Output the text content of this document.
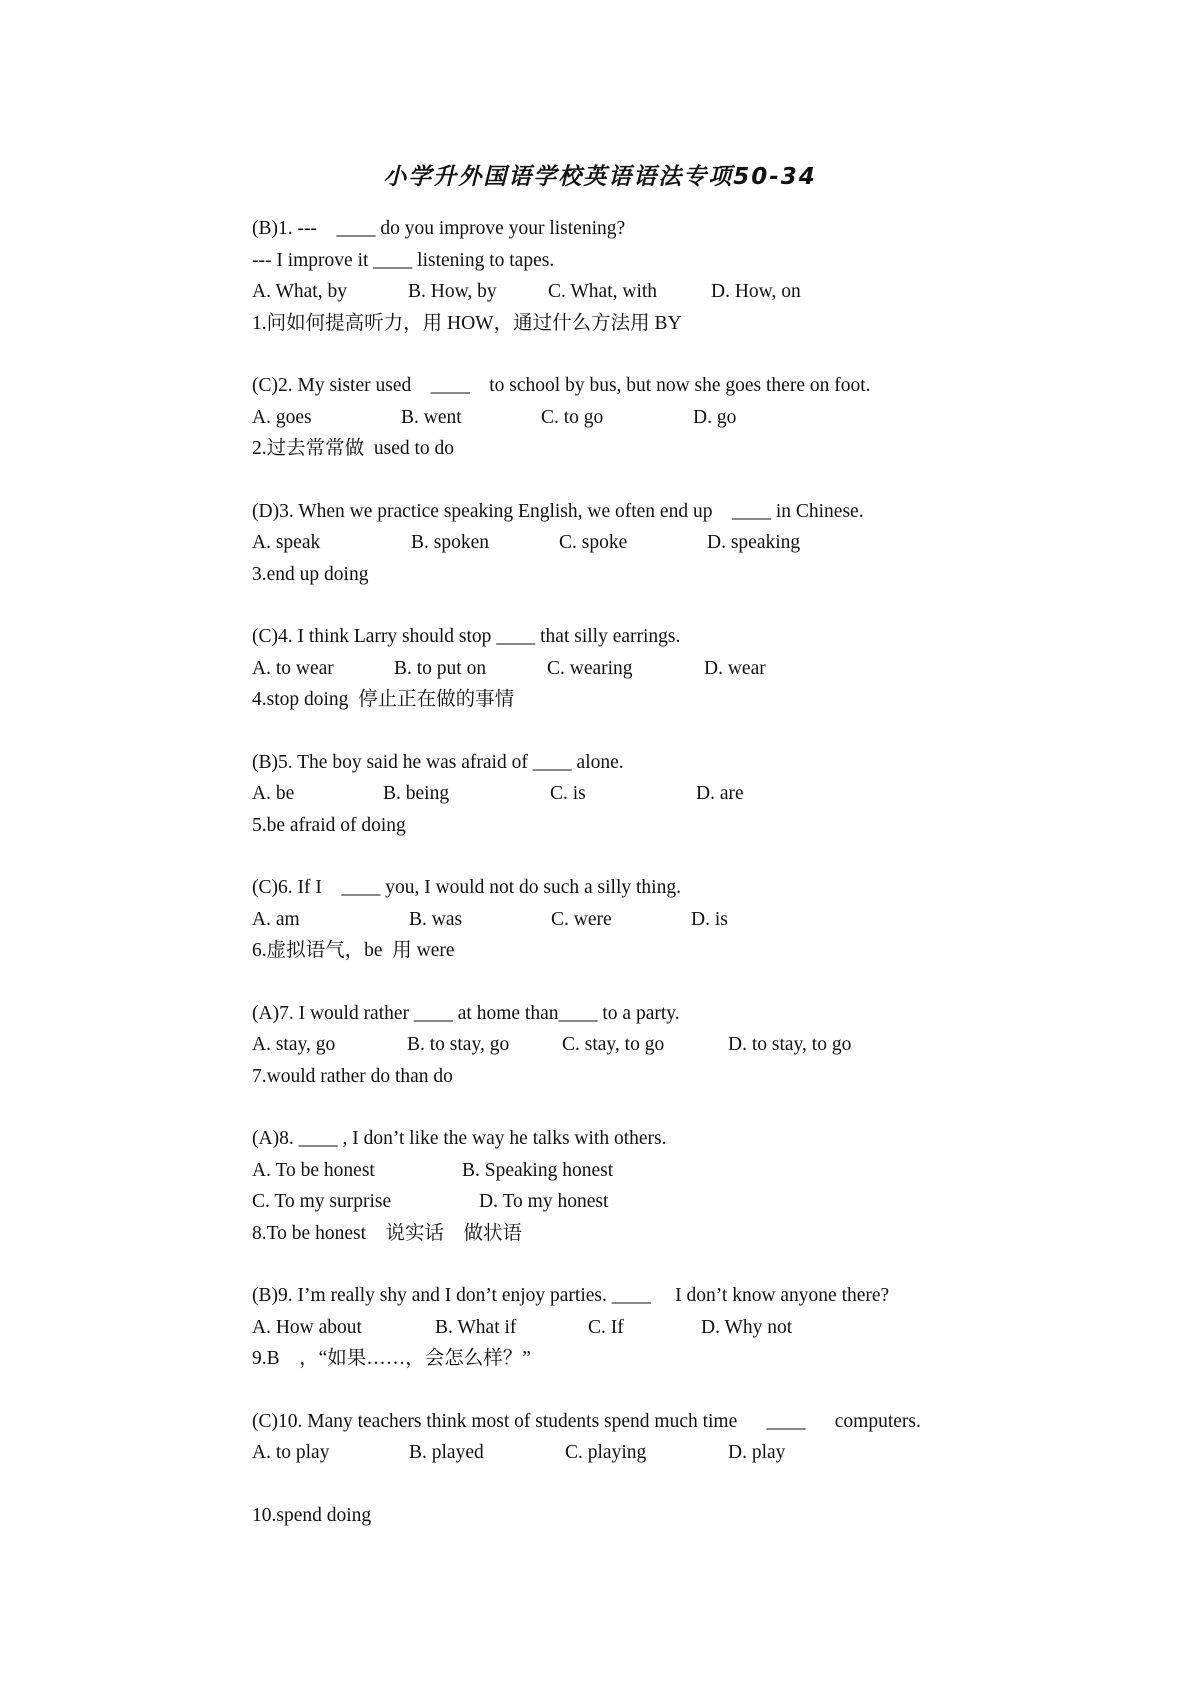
小学升外国语学校英语语法专项50-34
(B)1. ---    ____ do you improve your listening?
--- I improve it ____ listening to tapes.
A. What, by	B. How, by	C. What, with	D. How, on
1.问如何提高听力，用 HOW，通过什么方法用 BY
(C)2. My sister used    ____    to school by bus, but now she goes there on foot.
A. goes	B. went	C. to go	D. go
2.过去常常做  used to do
(D)3. When we practice speaking English, we often end up    ____ in Chinese.
A. speak	B. spoken	C. spoke	D. speaking
3.end up doing
(C)4. I think Larry should stop ____ that silly earrings.
A. to wear	B. to put on	C. wearing	D. wear
4.stop doing  停止正在做的事情
(B)5. The boy said he was afraid of ____ alone.
A. be	B. being	C. is	D. are
5.be afraid of doing
(C)6. If I    ____ you, I would not do such a silly thing.
A. am	B. was	C. were	D. is
6.虚拟语气，be  用 were
(A)7. I would rather ____ at home than____ to a party.
A. stay, go	B. to stay, go	C. stay, to go	D. to stay, to go
7.would rather do than do
(A)8. ____ , I don’t like the way he talks with others.
A. To be honest	B. Speaking honest
C. To my surprise	D. To my honest
8.To be honest    说实话    做状语
(B)9. I’m really shy and I don’t enjoy parties. ____     I don’t know anyone there?
A. How about	B. What if	C. If	D. Why not
9.B    ，“如果……，会怎么样？”
(C)10. Many teachers think most of students spend much time      ____      computers.
A. to play	B. played	C. playing	D. play
10.spend doing
